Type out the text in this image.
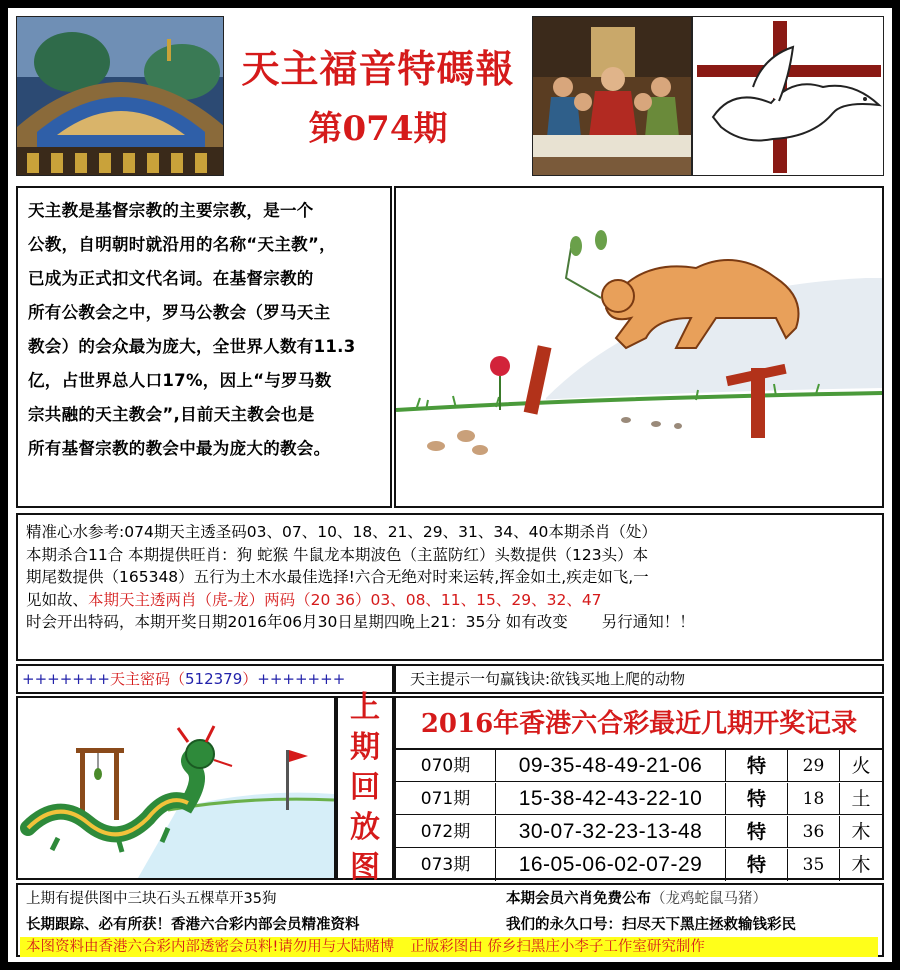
天主福音特碼報
第074期

天主教是基督宗教的主要宗教，是一个

公教，自明朝时就沿用的名称“天主教”，

已成为正式扣文代名词。在基督宗教的

所有公教会之中，罗马公教会（罗马天主

教会）的会众最为庞大，全世界人数有11.3

亿，占世界总人口17%，因上“与罗马数

宗共融的天主教会”,目前天主教会也是

所有基督宗教的教会中最为庞大的教会。

精准心水参考:074期天主透圣码03、07、10、18、21、29、31、34、40本期杀肖（处）

本期杀合11合 本期提供旺肖：狗 蛇猴 牛鼠龙本期波色（主蓝防红）头数提供（123头）本

期尾数提供（165348）五行为土木水最佳选择!六合无绝对时来运转,挥金如土,疾走如飞,一

见如故、本期天主透两肖（虎-龙）两码（20 36）03、08、11、15、29、32、47

时会开出特码，本期开奖日期2016年06月30日星期四晚上21：35分 如有改变 另行通知！！

+++++++天主密码（512379）+++++++	天主提示一句赢钱诀:欲钱买地上爬的动物
上
期
回
放
图
2016年香港六合彩最近几期开奖记录
070期	09-35-48-49-21-06	特	29	火
071期	15-38-42-43-22-10	特	18	土
072期	30-07-32-23-13-48	特	36	木
073期	16-05-06-02-07-29	特	35	木
上期有提供图中三块石头五棵草开35狗	本期会员六肖免费公布（龙鸡蛇鼠马猪）
长期跟踪、必有所获！香港六合彩内部会员精准资料	我们的永久口号：扫尽天下黑庄拯救输钱彩民
本图资料由香港六合彩内部透密会员料!请勿用与大陆赌博 正版彩图由 侨乡扫黑庄小李子工作室研究制作
